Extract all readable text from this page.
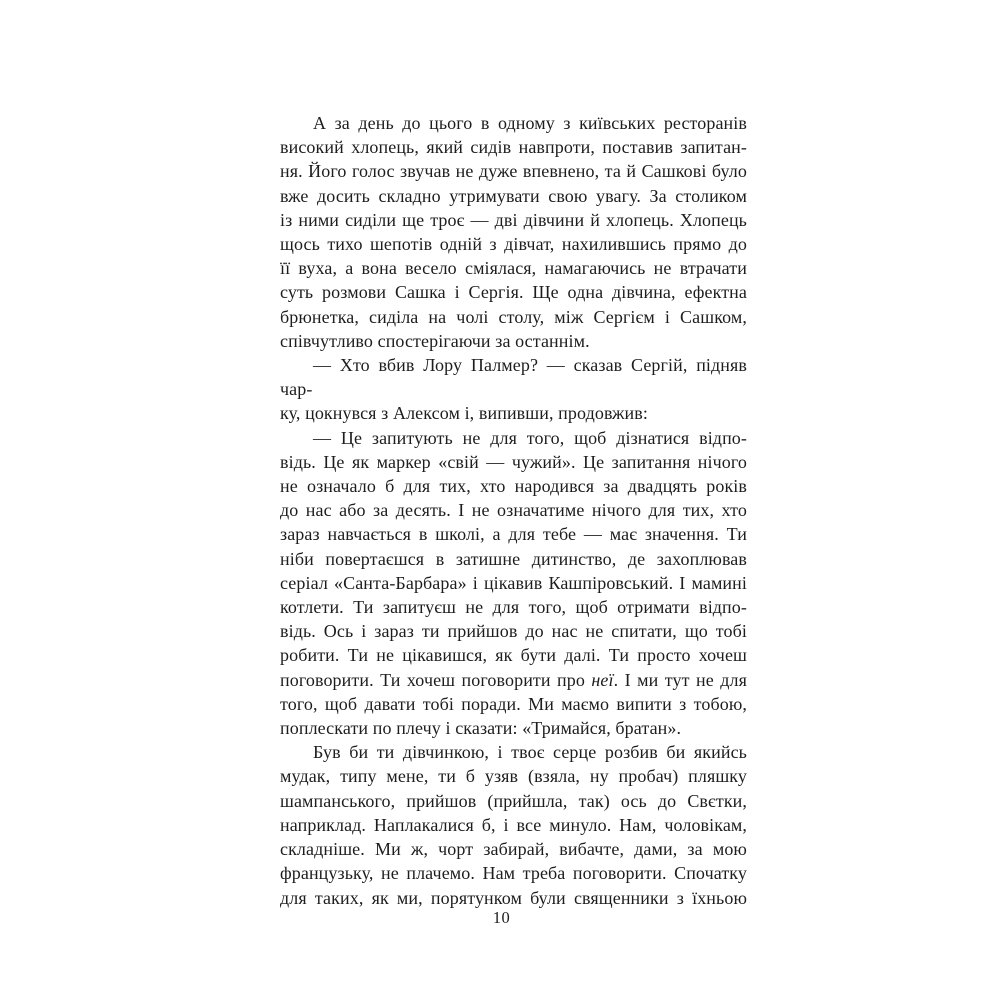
А за день до цього в одному з київських ресторанів
високий хлопець, який сидів навпроти, поставив запитан-
ня. Його голос звучав не дуже впевнено, та й Сашкові було
вже досить складно утримувати свою увагу. За столиком
із ними сиділи ще троє — дві дівчини й хлопець. Хлопець
щось тихо шепотів одній з дівчат, нахилившись прямо до
її вуха, а вона весело сміялася, намагаючись не втрачати
суть розмови Сашка і Сергія. Ще одна дівчина, ефектна
брюнетка, сиділа на чолі столу, між Сергієм і Сашком,
співчутливо спостерігаючи за останнім.
— Хто вбив Лору Палмер? — сказав Сергій, підняв чар-
ку, цокнувся з Алексом і, випивши, продовжив:
— Це запитують не для того, щоб дізнатися відпо-
відь. Це як маркер «свій — чужий». Це запитання нічого
не означало б для тих, хто народився за двадцять років
до нас або за десять. І не означатиме нічого для тих, хто
зараз навчається в школі, а для тебе — має значення. Ти
ніби повертаєшся в затишне дитинство, де захоплював
серіал «Санта-Барбара» і цікавив Кашпіровський. І мамині
котлети. Ти запитуєш не для того, щоб отримати відпо-
відь. Ось і зараз ти прийшов до нас не спитати, що тобі
робити. Ти не цікавишся, як бути далі. Ти просто хочеш
поговорити. Ти хочеш поговорити про неї. І ми тут не для
того, щоб давати тобі поради. Ми маємо випити з тобою,
поплескати по плечу і сказати: «Тримайся, братан».
Був би ти дівчинкою, і твоє серце розбив би якийсь
мудак, типу мене, ти б узяв (взяла, ну пробач) пляшку
шампанського, прийшов (прийшла, так) ось до Свєтки,
наприклад. Наплакалися б, і все минуло. Нам, чоловікам,
складніше. Ми ж, чорт забирай, вибачте, дами, за мою
французьку, не плачемо. Нам треба поговорити. Спочатку
для таких, як ми, порятунком були священники з їхньою
10
